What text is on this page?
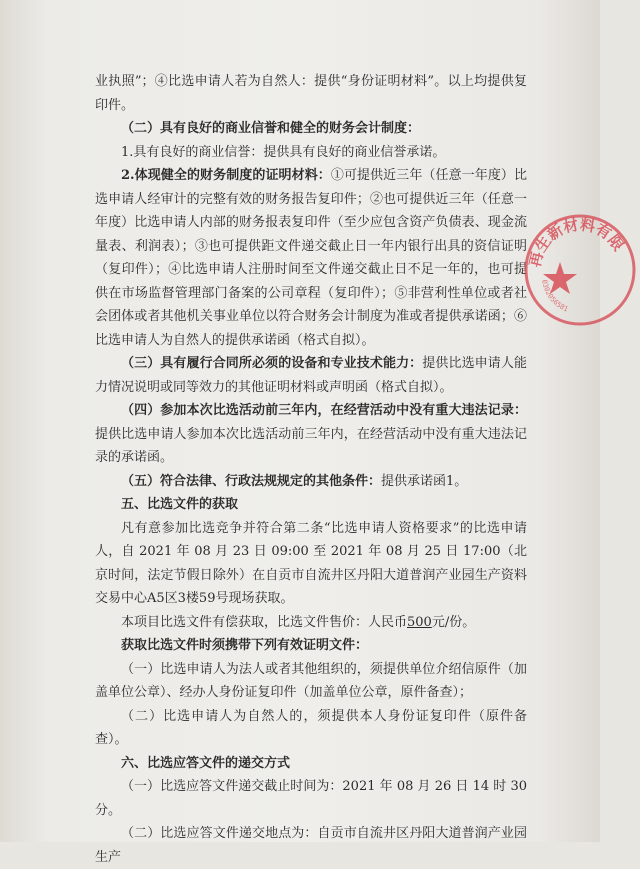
业执照”；④比选申请人若为自然人：提供“身份证明材料”。以上均提供复印件。

（二）具有良好的商业信誉和健全的财务会计制度：

1.具有良好的商业信誉：提供具有良好的商业信誉承诺。

2.体现健全的财务制度的证明材料：①可提供近三年（任意一年度）比选申请人经审计的完整有效的财务报告复印件；②也可提供近三年（任意一年度）比选申请人内部的财务报表复印件（至少应包含资产负债表、现金流量表、利润表）；③也可提供距文件递交截止日一年内银行出具的资信证明（复印件）；④比选申请人注册时间至文件递交截止日不足一年的，也可提供在市场监督管理部门备案的公司章程（复印件）；⑤非营利性单位或者社会团体或者其他机关事业单位以符合财务会计制度为准或者提供承诺函；⑥比选申请人为自然人的提供承诺函（格式自拟）。

（三）具有履行合同所必须的设备和专业技术能力：提供比选申请人能力情况说明或同等效力的其他证明材料或声明函（格式自拟）。

（四）参加本次比选活动前三年内，在经营活动中没有重大违法记录：提供比选申请人参加本次比选活动前三年内，在经营活动中没有重大违法记录的承诺函。

（五）符合法律、行政法规规定的其他条件：提供承诺函1。

五、比选文件的获取

凡有意参加比选竞争并符合第二条“比选申请人资格要求”的比选申请人，自 2021 年 08 月 23 日 09:00 至 2021 年 08 月 25 日 17:00（北京时间，法定节假日除外）在自贡市自流井区丹阳大道普润产业园生产资料交易中心A5区3楼59号现场获取。

本项目比选文件有偿获取，比选文件售价：人民币500元/份。

获取比选文件时须携带下列有效证明文件：

（一）比选申请人为法人或者其他组织的，须提供单位介绍信原件（加盖单位公章）、经办人身份证复印件（加盖单位公章，原件备查）；

（二）比选申请人为自然人的，须提供本人身份证复印件（原件备查）。

六、比选应答文件的递交方式

（一）比选应答文件递交截止时间为：2021 年 08 月 26 日 14 时 30 分。

（二）比选应答文件递交地点为：自贡市自流井区丹阳大道普润产业园生产

再生新材料有限
0302056581
